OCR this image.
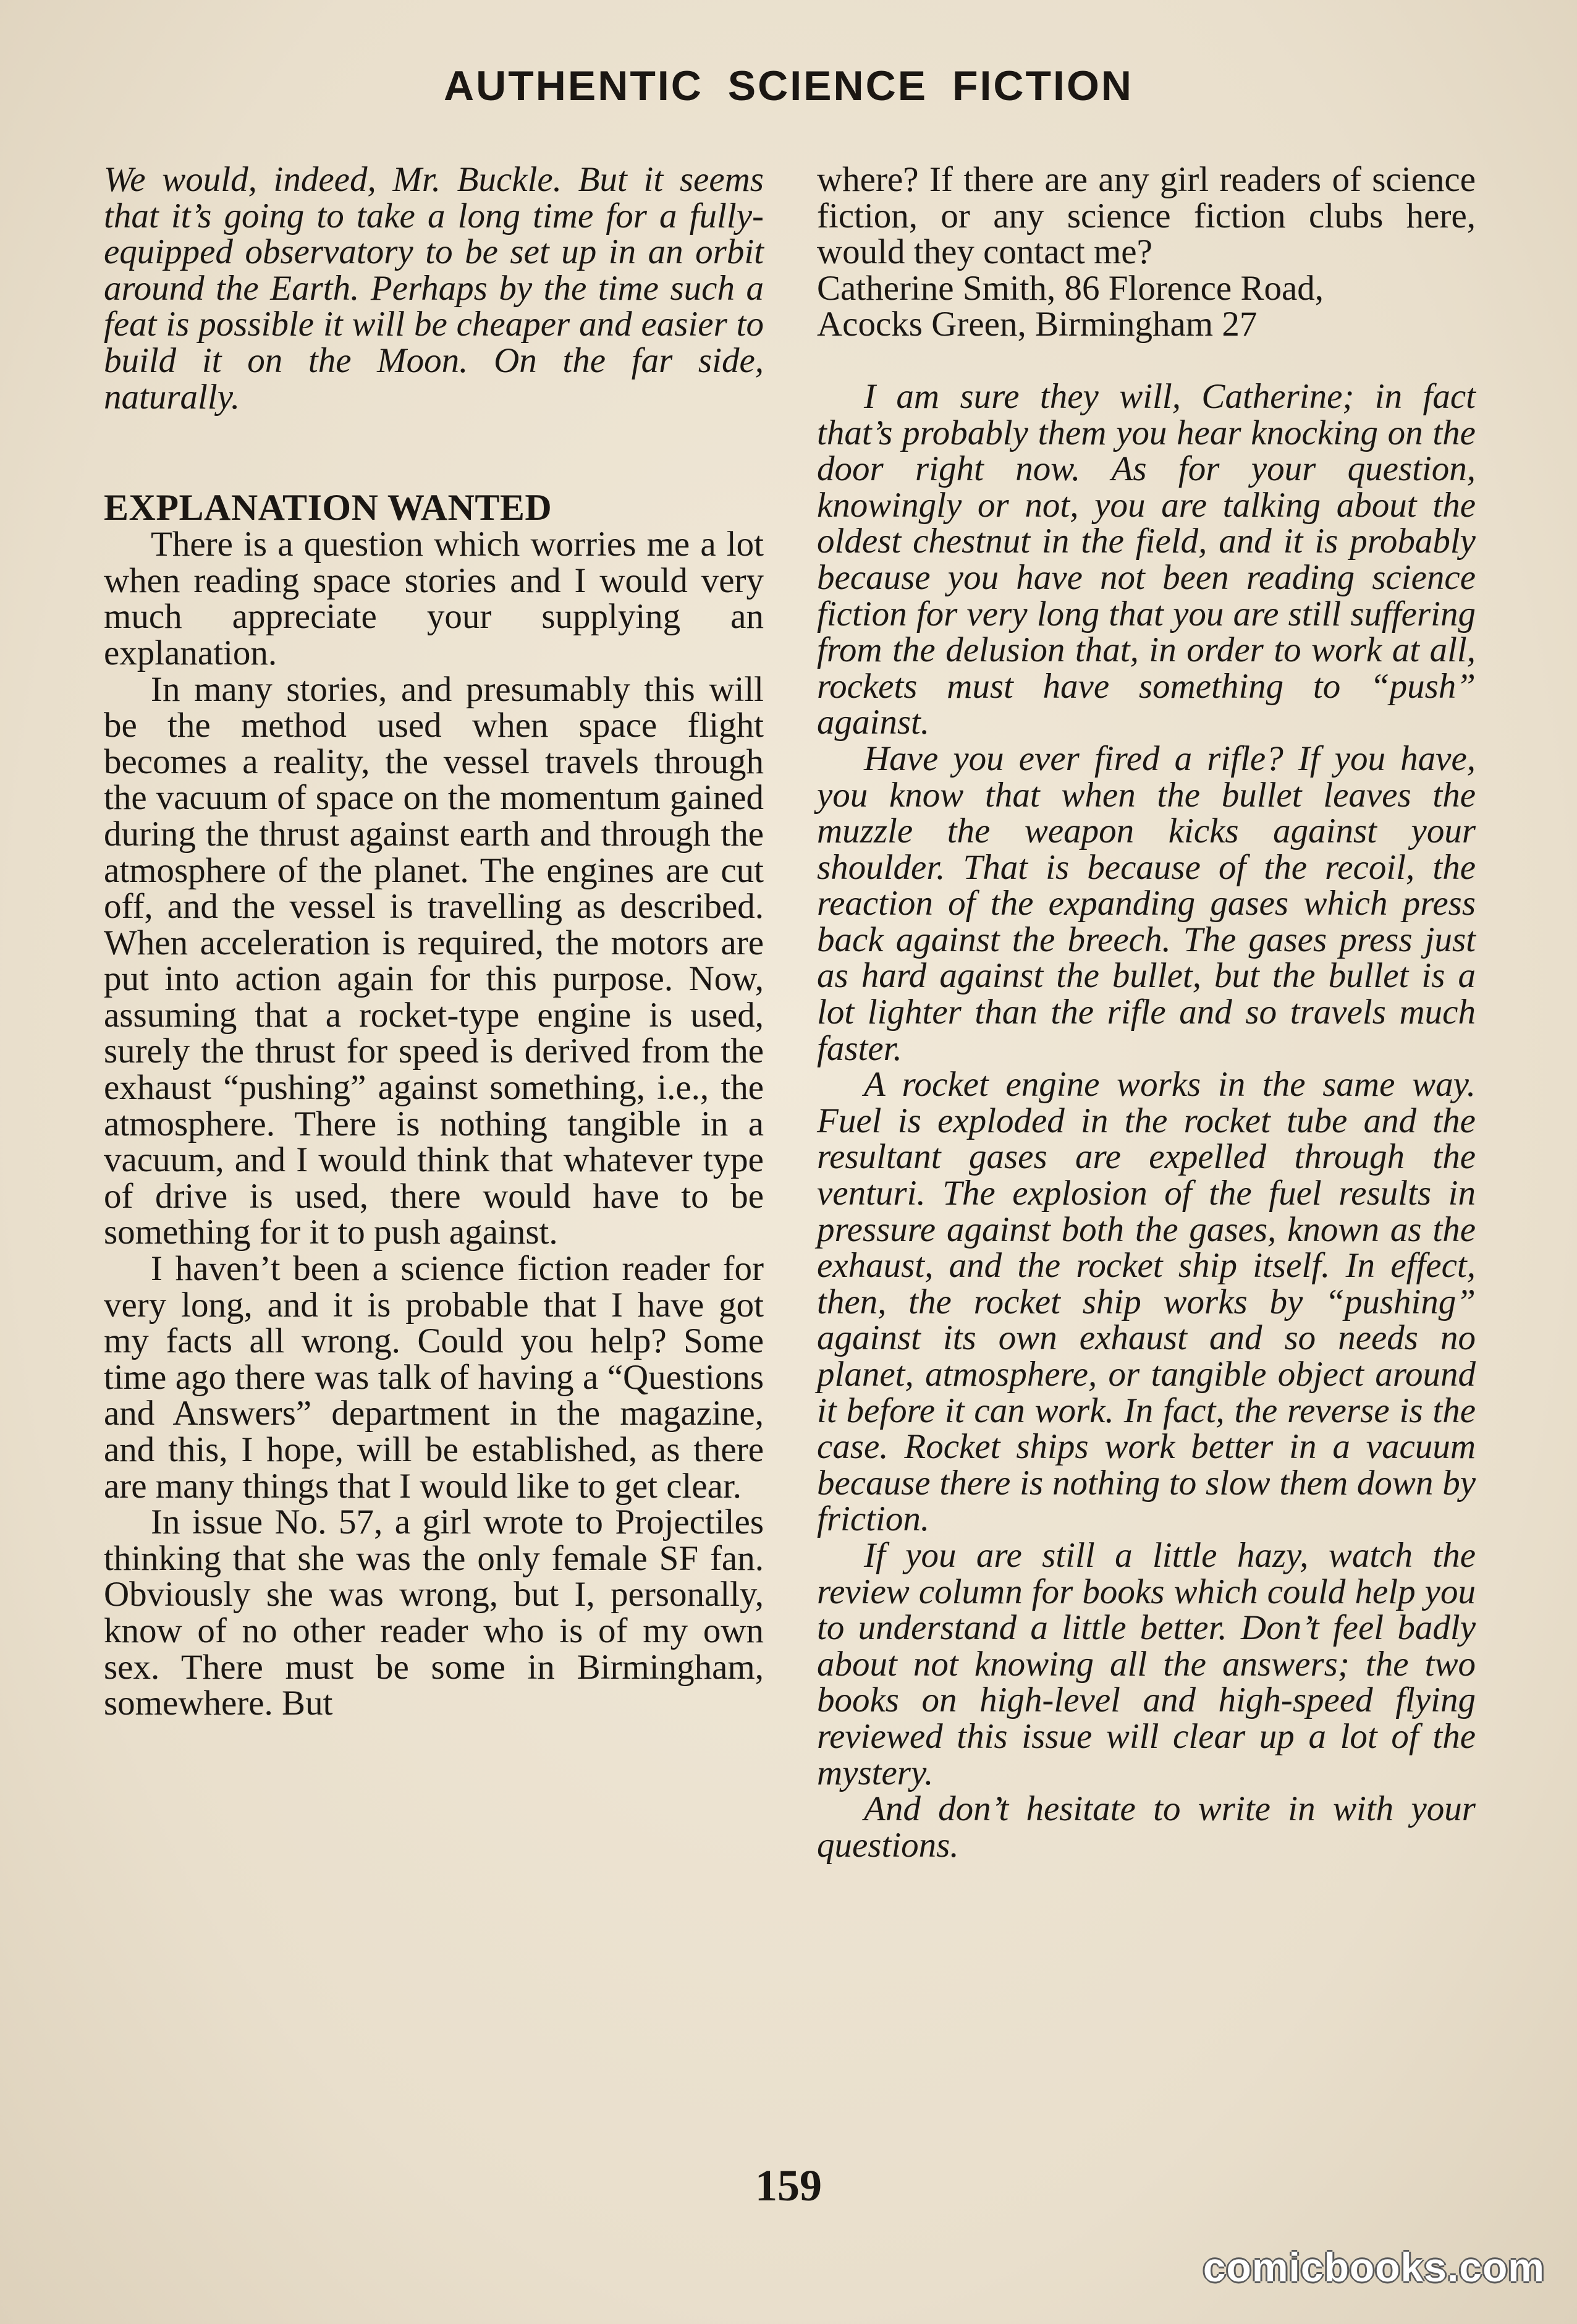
AUTHENTIC SCIENCE FICTION

We would, indeed, Mr. Buckle. But it seems that it’s going to take a long time for a fully-equipped observatory to be set up in an orbit around the Earth. Perhaps by the time such a feat is possible it will be cheaper and easier to build it on the Moon. On the far side, naturally.

EXPLANATION WANTED

There is a question which worries me a lot when reading space stories and I would very much appreciate your supplying an explanation.

In many stories, and presumably this will be the method used when space flight becomes a reality, the vessel travels through the vacuum of space on the momentum gained during the thrust against earth and through the atmosphere of the planet. The engines are cut off, and the vessel is travelling as described. When acceleration is required, the motors are put into action again for this purpose. Now, assuming that a rocket-type engine is used, surely the thrust for speed is derived from the exhaust “pushing” against something, i.e., the atmosphere. There is nothing tangible in a vacuum, and I would think that whatever type of drive is used, there would have to be something for it to push against.

I haven’t been a science fiction reader for very long, and it is probable that I have got my facts all wrong. Could you help? Some time ago there was talk of having a “Questions and Answers” department in the magazine, and this, I hope, will be established, as there are many things that I would like to get clear.

In issue No. 57, a girl wrote to Projectiles thinking that she was the only female SF fan. Obviously she was wrong, but I, personally, know of no other reader who is of my own sex. There must be some in Birmingham, somewhere. But

where? If there are any girl readers of science fiction, or any science fiction clubs here, would they contact me?

Catherine Smith, 86 Florence Road,

Acocks Green, Birmingham 27

I am sure they will, Catherine; in fact that’s probably them you hear knocking on the door right now. As for your question, knowingly or not, you are talking about the oldest chestnut in the field, and it is probably because you have not been reading science fiction for very long that you are still suffering from the delusion that, in order to work at all, rockets must have something to “push” against.

Have you ever fired a rifle? If you have, you know that when the bullet leaves the muzzle the weapon kicks against your shoulder. That is because of the recoil, the reaction of the expanding gases which press back against the breech. The gases press just as hard against the bullet, but the bullet is a lot lighter than the rifle and so travels much faster.

A rocket engine works in the same way. Fuel is exploded in the rocket tube and the resultant gases are expelled through the venturi. The explosion of the fuel results in pressure against both the gases, known as the exhaust, and the rocket ship itself. In effect, then, the rocket ship works by “pushing” against its own exhaust and so needs no planet, atmosphere, or tangible object around it before it can work. In fact, the reverse is the case. Rocket ships work better in a vacuum because there is nothing to slow them down by friction.

If you are still a little hazy, watch the review column for books which could help you to understand a little better. Don’t feel badly about not knowing all the answers; the two books on high-level and high-speed flying reviewed this issue will clear up a lot of the mystery.

And don’t hesitate to write in with your questions.

159
comicbooks.com
